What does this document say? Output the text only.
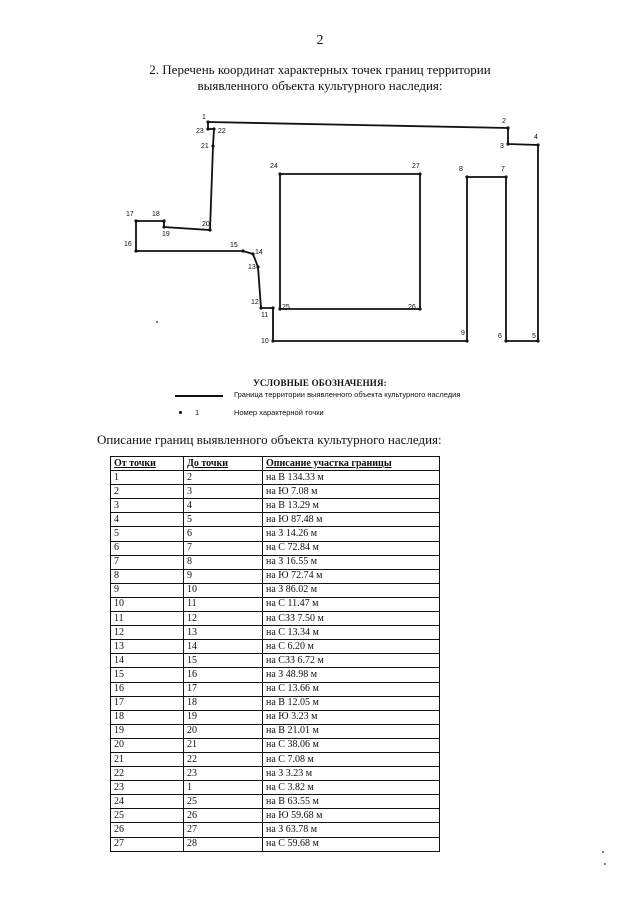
2
2. Перечень координат характерных точек границ территории
выявленного объекта культурного наследия:
1
2
3
4
5
6
7
8
9
10
11
12
13
14
15
16
17	18
19
20
21
22
23
24
25	26
27
УСЛОВНЫЕ ОБОЗНАЧЕНИЯ:
Граница территории выявленного объекта культурного наследия
1	Номер характерной точки
Описание границ выявленного объекта культурного наследия:
От точки	До точки	Описание участка границы
1	2	на В 134.33 м
2	3	на Ю 7.08 м
3	4	на В 13.29 м
4	5	на Ю 87.48 м
5	6	на З 14.26 м
6	7	на С 72.84 м
7	8	на З 16.55 м
8	9	на Ю 72.74 м
9	10	на З 86.02 м
10	11	на С 11.47 м
11	12	на СЗЗ 7.50 м
12	13	на С 13.34 м
13	14	на С 6.20 м
14	15	на СЗЗ 6.72 м
15	16	на З 48.98 м
16	17	на С 13.66 м
17	18	на В 12.05 м
18	19	на Ю 3.23 м
19	20	на В 21.01 м
20	21	на С 38.06 м
21	22	на С 7.08 м
22	23	на З 3.23 м
23	1	на С 3.82 м
24	25	на В 63.55 м
25	26	на Ю 59.68 м
26	27	на З 63.78 м
27	28	на С 59.68 м
